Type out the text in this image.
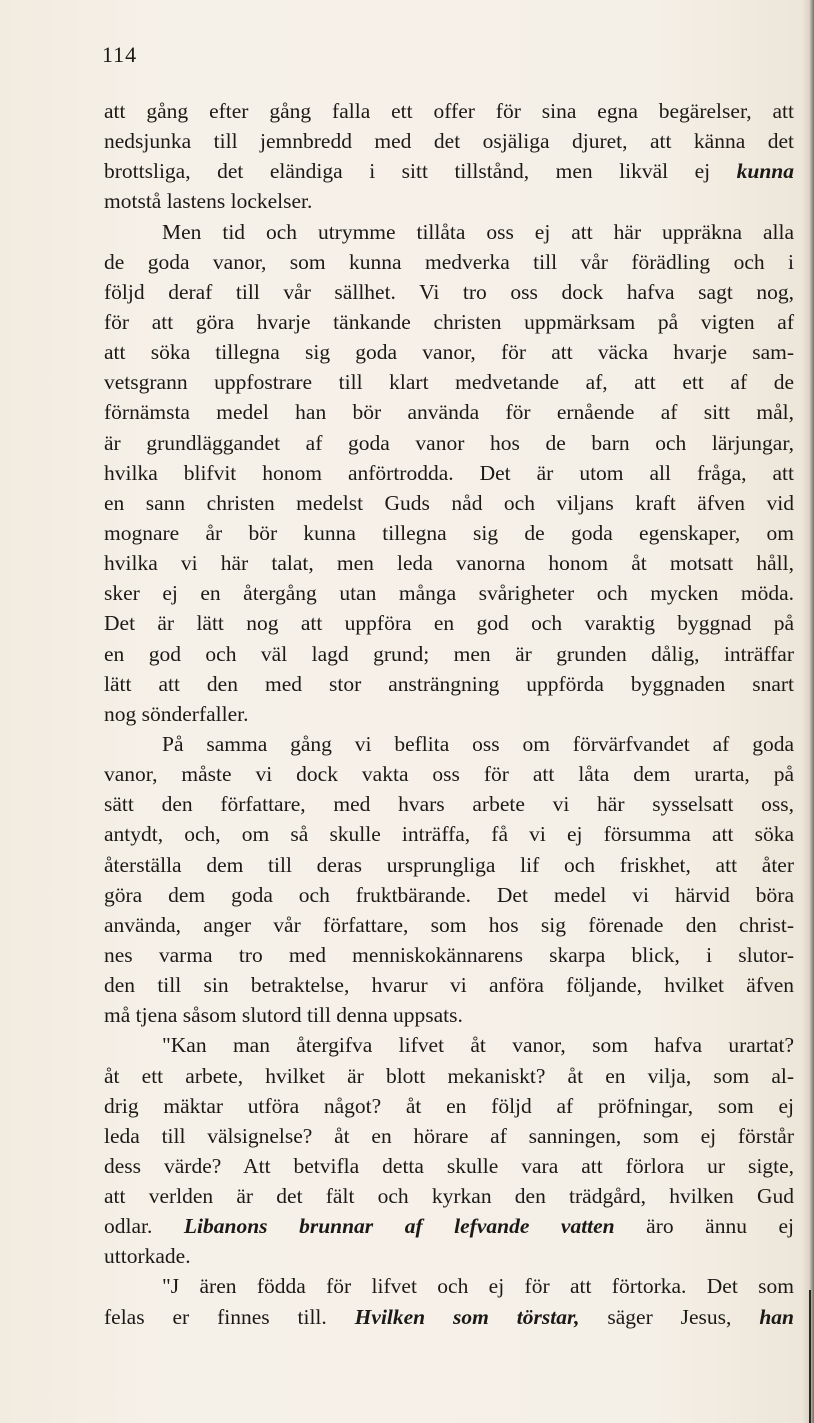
114
att gång efter gång falla ett offer för sina egna begärelser, att
nedsjunka till jemnbredd med det osjäliga djuret, att känna det
brottsliga, det eländiga i sitt tillstånd, men likväl ej kunna
motstå lastens lockelser.
Men tid och utrymme tillåta oss ej att här uppräkna alla
de goda vanor, som kunna medverka till vår förädling och i
följd deraf till vår sällhet. Vi tro oss dock hafva sagt nog,
för att göra hvarje tänkande christen uppmärksam på vigten af
att söka tillegna sig goda vanor, för att väcka hvarje sam-
vetsgrann uppfostrare till klart medvetande af, att ett af de
förnämsta medel han bör använda för ernående af sitt mål,
är grundläggandet af goda vanor hos de barn och lärjungar,
hvilka blifvit honom anförtrodda. Det är utom all fråga, att
en sann christen medelst Guds nåd och viljans kraft äfven vid
mognare år bör kunna tillegna sig de goda egenskaper, om
hvilka vi här talat, men leda vanorna honom åt motsatt håll,
sker ej en återgång utan många svårigheter och mycken möda.
Det är lätt nog att uppföra en god och varaktig byggnad på
en god och väl lagd grund; men är grunden dålig, inträffar
lätt att den med stor ansträngning uppförda byggnaden snart
nog sönderfaller.
På samma gång vi beflita oss om förvärfvandet af goda
vanor, måste vi dock vakta oss för att låta dem urarta, på
sätt den författare, med hvars arbete vi här sysselsatt oss,
antydt, och, om så skulle inträffa, få vi ej försumma att söka
återställa dem till deras ursprungliga lif och friskhet, att åter
göra dem goda och fruktbärande. Det medel vi härvid böra
använda, anger vår författare, som hos sig förenade den christ-
nes varma tro med menniskokännarens skarpa blick, i slutor-
den till sin betraktelse, hvarur vi anföra följande, hvilket äfven
må tjena såsom slutord till denna uppsats.
"Kan man återgifva lifvet åt vanor, som hafva urartat?
åt ett arbete, hvilket är blott mekaniskt? åt en vilja, som al-
drig mäktar utföra något? åt en följd af pröfningar, som ej
leda till välsignelse? åt en hörare af sanningen, som ej förstår
dess värde? Att betvifla detta skulle vara att förlora ur sigte,
att verlden är det fält och kyrkan den trädgård, hvilken Gud
odlar. Libanons brunnar af lefvande vatten äro ännu ej
uttorkade.
"J ären födda för lifvet och ej för att förtorka. Det som
felas er finnes till. Hvilken som törstar, säger Jesus, han
